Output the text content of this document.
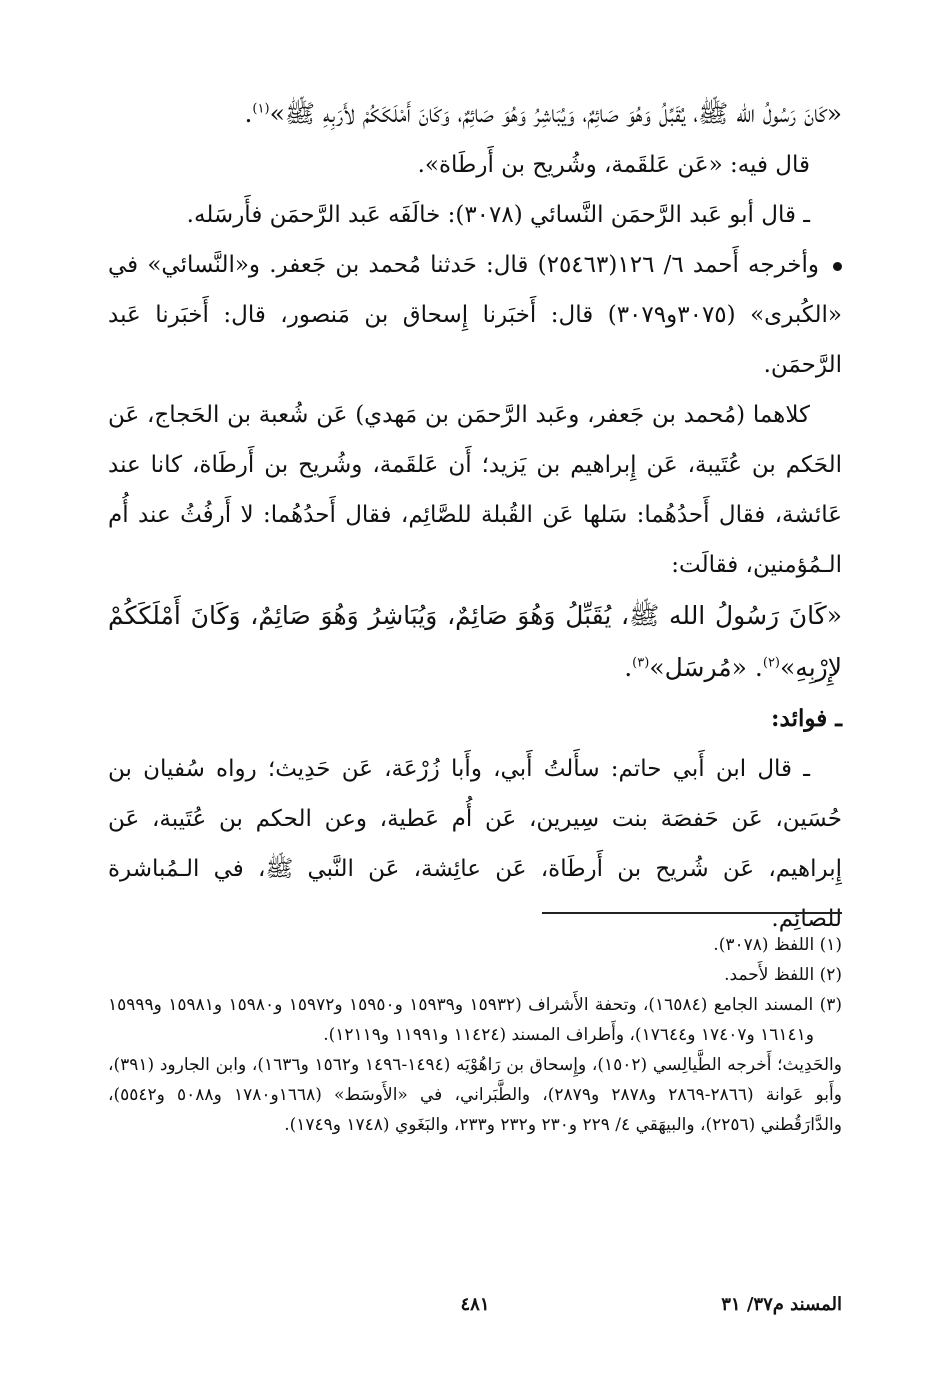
«كَانَ رَسُولُ الله ﷺ، يُقَبِّلُ وَهُوَ صَائِمٌ، وَيُبَاشِرُ وَهُوَ صَائِمٌ، وَكَانَ أَمْلَكَكُمْ لأَرَبِهِ ﷺ»$^{(١)}$.

قال فيه: «عَن عَلقَمة، وشُريح بن أَرطَاة».

ـ قال أبو عَبد الرَّحمَن النَّسائي (٣٠٧٨): خالَفَه عَبد الرَّحمَن فأَرسَله.

وأخرجه أَحمد ٦/ ١٢٦(٢٥٤٦٣) قال: حَدثنا مُحمد بن جَعفر. و«النَّسائي» في «الكُبرى» (٣٠٧٥و٣٠٧٩) قال: أَخبَرنا إِسحاق بن مَنصور، قال: أَخبَرنا عَبد الرَّحمَن.

كلاهما (مُحمد بن جَعفر، وعَبد الرَّحمَن بن مَهدي) عَن شُعبة بن الحَجاج، عَن الحَكم بن عُتَيبة، عَن إِبراهيم بن يَزيد؛ أَن عَلقَمة، وشُريح بن أَرطَاة، كانا عند عَائشة، فقال أَحدُهُما: سَلها عَن القُبلة للصَّائِم، فقال أَحدُهُما: لا أَرفُثُ عند أُم الـمُؤمنين، فقالَت:

«كَانَ رَسُولُ الله ﷺ، يُقَبِّلُ وَهُوَ صَائِمٌ، وَيُبَاشِرُ وَهُوَ صَائِمٌ، وَكَانَ أَمْلَكَكُمْ لإِرْبِهِ»$^{(٢)}$. «مُرسَل»$^{(٣)}$.

ـ فوائد:

ـ قال ابن أَبي حاتم: سأَلتُ أَبي، وأَبا زُرْعَة، عَن حَدِيث؛ رواه سُفيان بن حُسَين، عَن حَفصَة بنت سِيرين، عَن أُم عَطية، وعن الحكم بن عُتَيبة، عَن إِبراهيم، عَن شُريح بن أَرطَاة، عَن عائِشة، عَن النَّبي ﷺ، في الـمُباشرة للصائِم.

(١) اللفظ (٣٠٧٨).

(٢) اللفظ لأَحمد.

(٣) المسند الجامع (١٦٥٨٤)، وتحفة الأَشراف (١٥٩٣٢ و١٥٩٣٩ و١٥٩٥٠ و١٥٩٧٢ و١٥٩٨٠ و١٥٩٨١ و١٥٩٩٩ و١٦١٤١ و١٧٤٠٧ و١٧٦٤٤)، وأَطراف المسند (١١٤٢٤ و١١٩٩١ و١٢١١٩).

والحَدِيث؛ أَخرجه الطَّيالِسي (١٥٠٢)، وإِسحاق بن رَاهُوْيَه (١٤٩٤-١٤٩٦ و١٥٦٢ و١٦٣٦)، وابن الجارود (٣٩١)، وأَبو عَوانة (٢٨٦٦-٢٨٦٩ و٢٨٧٨ و٢٨٧٩)، والطَّبَراني، في «الأَوسَط» (١٦٦٨و١٧٨٠ و٥٠٨٨ و٥٥٤٢)، والدَّارَقُطني (٢٢٥٦)، والبيهَقي ٤/ ٢٢٩ و٢٣٠ و٢٣٢ و٢٣٣، والبَغَوي (١٧٤٨ و١٧٤٩).

المسند م٣٧/ ٣١
٤٨١
